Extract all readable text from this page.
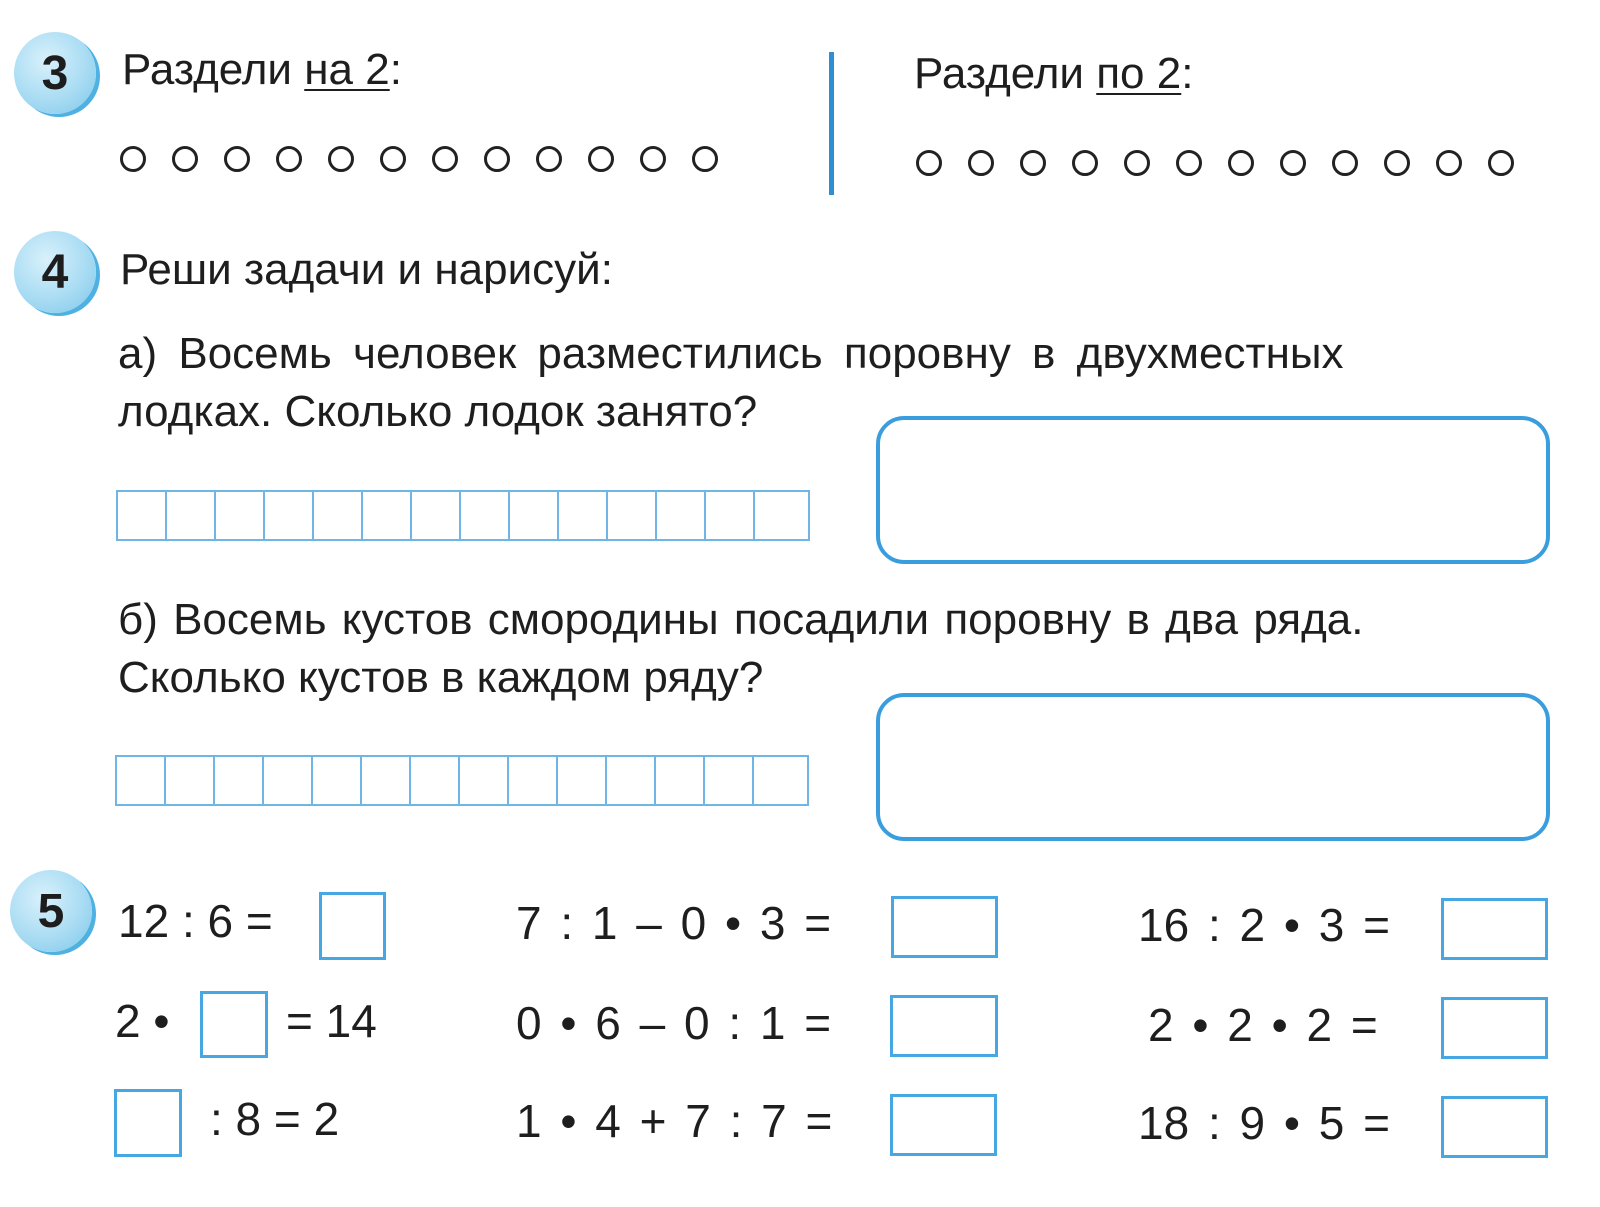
3 Раздели на 2:	Раздели по 2:
4 Реши задачи и нарисуй:
а) Восемь человек разместились поровну в двухместных
лодках. Сколько лодок занято?
б) Восемь кустов смородины посадили поровну в два ряда.
Сколько кустов в каждом ряду?
5 12 : 6 =
2 •	= 14
: 8 = 2
7 : 1 – 0 • 3 =
0 • 6 – 0 : 1 =
1 • 4 + 7 : 7 =
16 : 2 • 3 =
2 • 2 • 2 =
18 : 9 • 5 =
